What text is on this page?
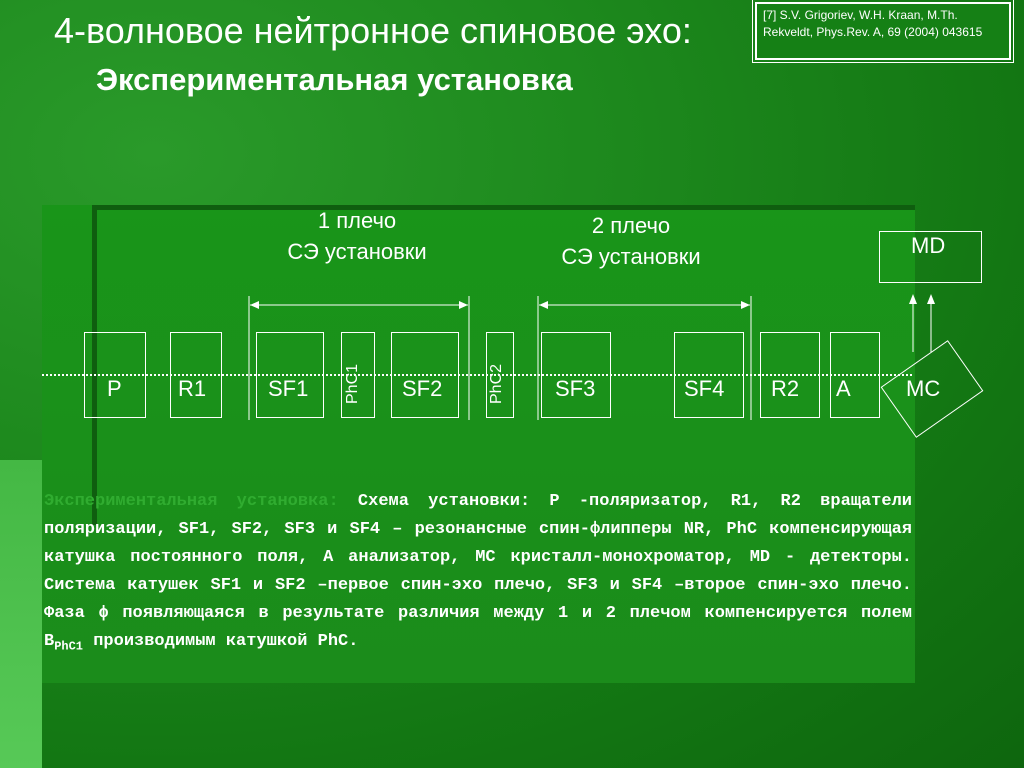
4-волновое нейтронное спиновое эхо:
Экспериментальная установка
[7] S.V. Grigoriev, W.H. Kraan, M.Th. Rekveldt, Phys.Rev. A, 69 (2004) 043615
1 плечо
СЭ установки
2 плечо
СЭ установки
P	R1	SF1 PhC1 SF2	PhC2 SF3	SF4 R2 A	MC
MD
Экспериментальная установка: Схема установки: P -поляризатор, R1, R2 вращатели поляризации, SF1, SF2, SF3 и SF4 – резонансные спин-флипперы NR, PhC компенсирующая катушка постоянного поля, А анализатор, МС кристалл-монохроматор, MD - детекторы. Система катушек SF1 и SF2 –первое спин-эхо плечо, SF3 и SF4 –второе спин-эхо плечо. Фаза ϕ появляющаяся в результате различия между 1 и 2 плечом компенсируется полем $B_{PhC1}$ производимым катушкой PhC.
